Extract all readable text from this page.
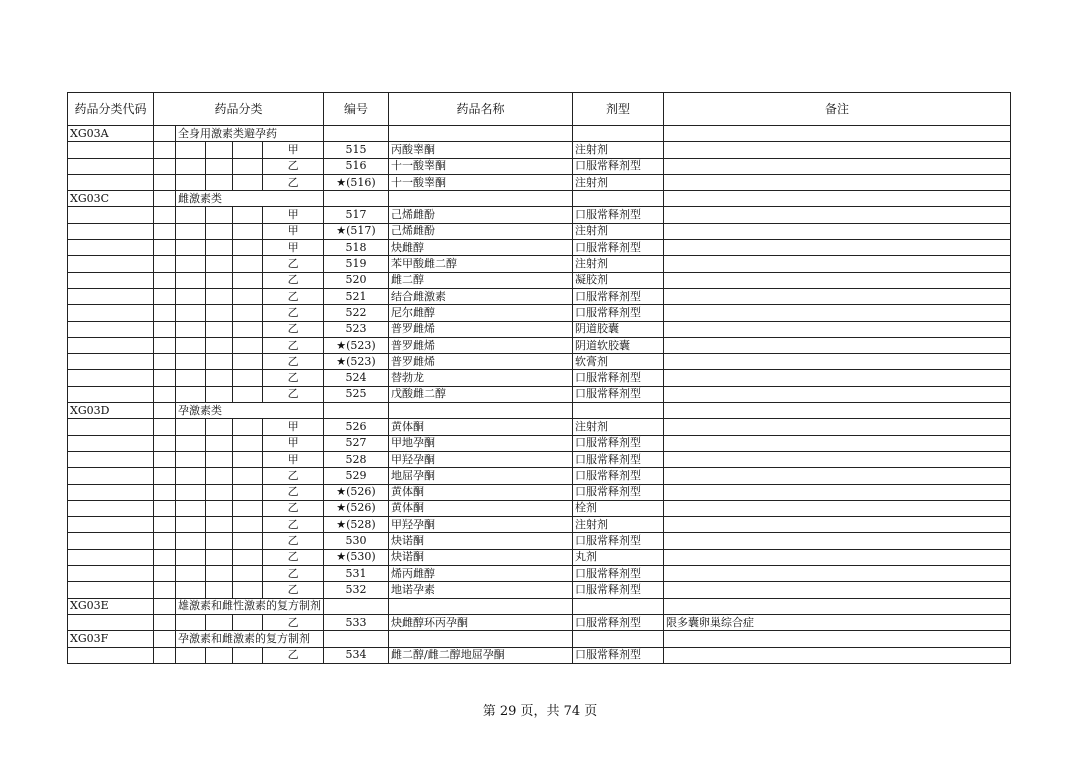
药品分类代码	药品分类					编号	药品名称	剂型	备注
XG03A		全身用激素类避孕药							
					甲	515	丙酸睾酮	注射剂	
					乙	516	十一酸睾酮	口服常释剂型	
					乙	★(516)	十一酸睾酮	注射剂	
XG03C		雌激素类							
					甲	517	己烯雌酚	口服常释剂型	
					甲	★(517)	己烯雌酚	注射剂	
					甲	518	炔雌醇	口服常释剂型	
					乙	519	苯甲酸雌二醇	注射剂	
					乙	520	雌二醇	凝胶剂	
					乙	521	结合雌激素	口服常释剂型	
					乙	522	尼尔雌醇	口服常释剂型	
					乙	523	普罗雌烯	阴道胶囊	
					乙	★(523)	普罗雌烯	阴道软胶囊	
					乙	★(523)	普罗雌烯	软膏剂	
					乙	524	替勃龙	口服常释剂型	
					乙	525	戊酸雌二醇	口服常释剂型	
XG03D		孕激素类							
					甲	526	黄体酮	注射剂	
					甲	527	甲地孕酮	口服常释剂型	
					甲	528	甲羟孕酮	口服常释剂型	
					乙	529	地屈孕酮	口服常释剂型	
					乙	★(526)	黄体酮	口服常释剂型	
					乙	★(526)	黄体酮	栓剂	
					乙	★(528)	甲羟孕酮	注射剂	
					乙	530	炔诺酮	口服常释剂型	
					乙	★(530)	炔诺酮	丸剂	
					乙	531	烯丙雌醇	口服常释剂型	
					乙	532	地诺孕素	口服常释剂型	
XG03E		雄激素和雌性激素的复方制剂							
					乙	533	炔雌醇环丙孕酮	口服常释剂型	限多囊卵巢综合症
XG03F		孕激素和雌激素的复方制剂							
					乙	534	雌二醇/雌二醇地屈孕酮	口服常释剂型	
第 29 页，共 74 页
